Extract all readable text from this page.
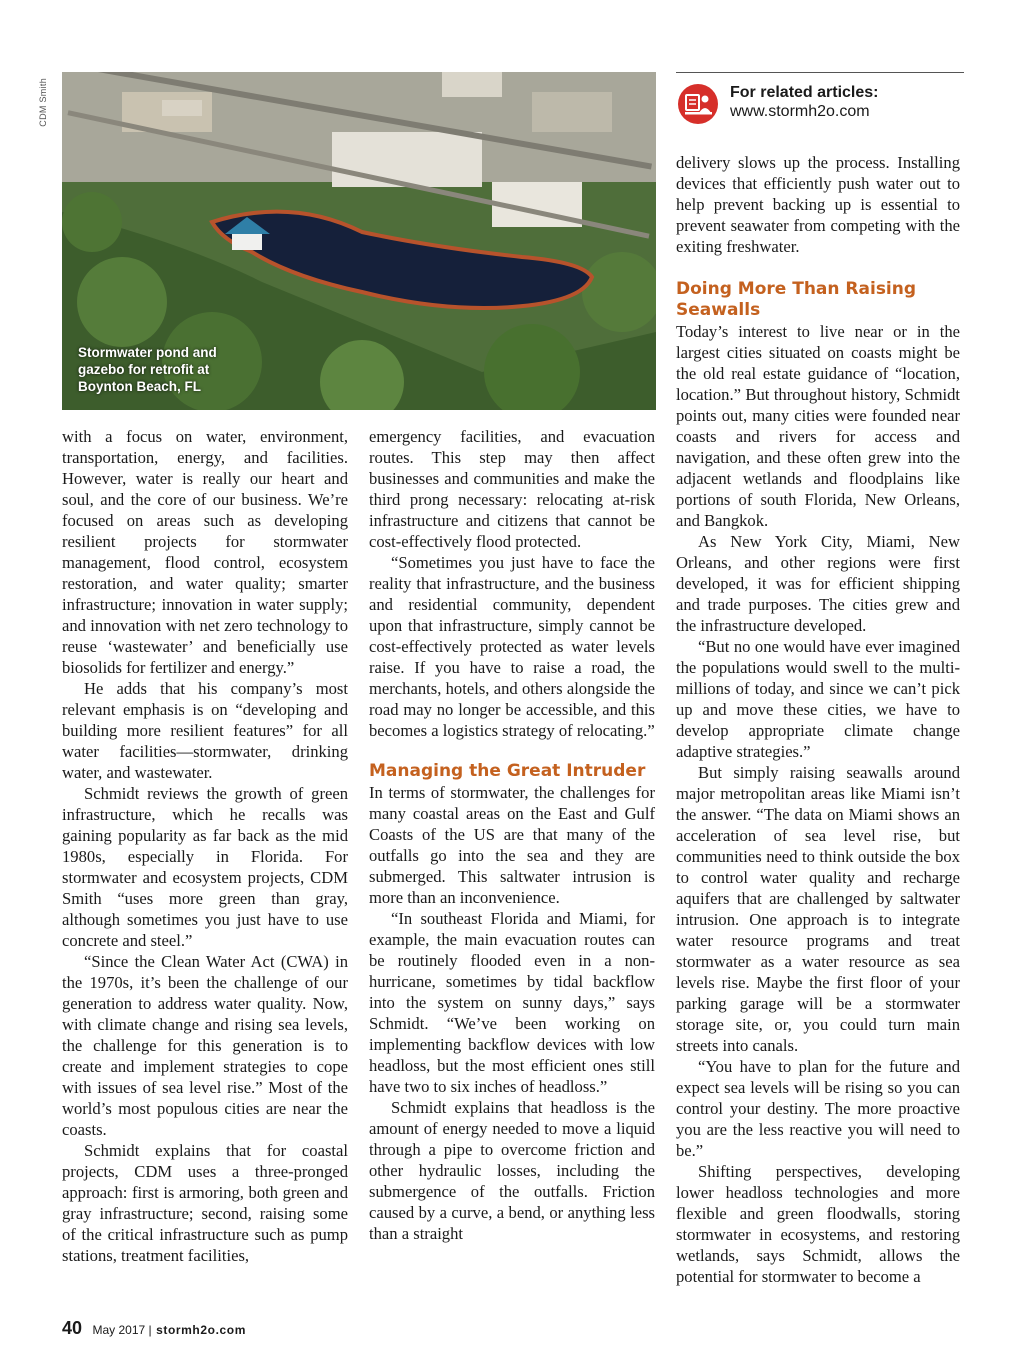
CDM Smith
Stormwater pond and
gazebo for retrofit at
Boynton Beach, FL
For related articles:
www.stormh2o.com

with a focus on water, environment, transportation, energy, and facilities. However, water is really our heart and soul, and the core of our business. We’re focused on areas such as developing resilient projects for stormwater management, flood control, ecosystem restoration, and water quality; smarter infrastructure; innovation in water supply; and innovation with net zero technology to reuse ‘wastewater’ and beneficially use biosolids for fertilizer and energy.”

He adds that his company’s most relevant emphasis is on “developing and building more resilient features” for all water facilities—stormwater, drinking water, and wastewater.

Schmidt reviews the growth of green infrastructure, which he recalls was gaining popularity as far back as the mid 1980s, especially in Florida. For stormwater and ecosystem projects, CDM Smith “uses more green than gray, although sometimes you just have to use concrete and steel.”

“Since the Clean Water Act (CWA) in the 1970s, it’s been the challenge of our generation to address water quality. Now, with climate change and rising sea levels, the challenge for this generation is to create and implement strategies to cope with issues of sea level rise.” Most of the world’s most populous cities are near the coasts.

Schmidt explains that for coastal projects, CDM uses a three-pronged approach: first is armoring, both green and gray infrastructure; second, raising some of the critical infrastructure such as pump stations, treatment facilities,

emergency facilities, and evacuation routes. This step may then affect businesses and communities and make the third prong necessary: relocating at-risk infrastructure and citizens that cannot be cost-effectively flood protected.

“Sometimes you just have to face the reality that infrastructure, and the business and residential community, dependent upon that infrastructure, simply cannot be cost-effectively protected as water levels raise. If you have to raise a road, the merchants, hotels, and others alongside the road may no longer be accessible, and this becomes a logistics strategy of relocating.”

Managing the Great Intruder

In terms of stormwater, the challenges for many coastal areas on the East and Gulf Coasts of the US are that many of the outfalls go into the sea and they are submerged. This saltwater intrusion is more than an inconvenience.

“In southeast Florida and Miami, for example, the main evacuation routes can be routinely flooded even in a non-hurricane, sometimes by tidal backflow into the system on sunny days,” says Schmidt. “We’ve been working on implementing backflow devices with low headloss, but the most efficient ones still have two to six inches of headloss.”

Schmidt explains that headloss is the amount of energy needed to move a liquid through a pipe to overcome friction and other hydraulic losses, including the submergence of the outfalls. Friction caused by a curve, a bend, or anything less than a straight

delivery slows up the process. Installing devices that efficiently push water out to help prevent backing up is essential to prevent seawater from competing with the exiting freshwater.

Doing More Than Raising Seawalls

Today’s interest to live near or in the largest cities situated on coasts might be the old real estate guidance of “location, location.” But throughout history, Schmidt points out, many cities were founded near coasts and rivers for access and navigation, and these often grew into the adjacent wetlands and floodplains like portions of south Florida, New Orleans, and Bangkok.

As New York City, Miami, New Orleans, and other regions were first developed, it was for efficient shipping and trade purposes. The cities grew and the infrastructure developed.

“But no one would have ever imagined the populations would swell to the multi-millions of today, and since we can’t pick up and move these cities, we have to develop appropriate climate change adaptive strategies.”

But simply raising seawalls around major metropolitan areas like Miami isn’t the answer. “The data on Miami shows an acceleration of sea level rise, but communities need to think outside the box to control water quality and recharge aquifers that are challenged by saltwater intrusion. One approach is to integrate water resource programs and treat stormwater as a water resource as sea levels rise. Maybe the first floor of your parking garage will be a stormwater storage site, or, you could turn main streets into canals.

“You have to plan for the future and expect sea levels will be rising so you can control your destiny. The more proactive you are the less reactive you will need to be.”

Shifting perspectives, developing lower headloss technologies and more flexible and green floodwalls, storing stormwater in ecosystems, and restoring wetlands, says Schmidt, allows the potential for stormwater to become a

40 May 2017 | stormh2o.com
